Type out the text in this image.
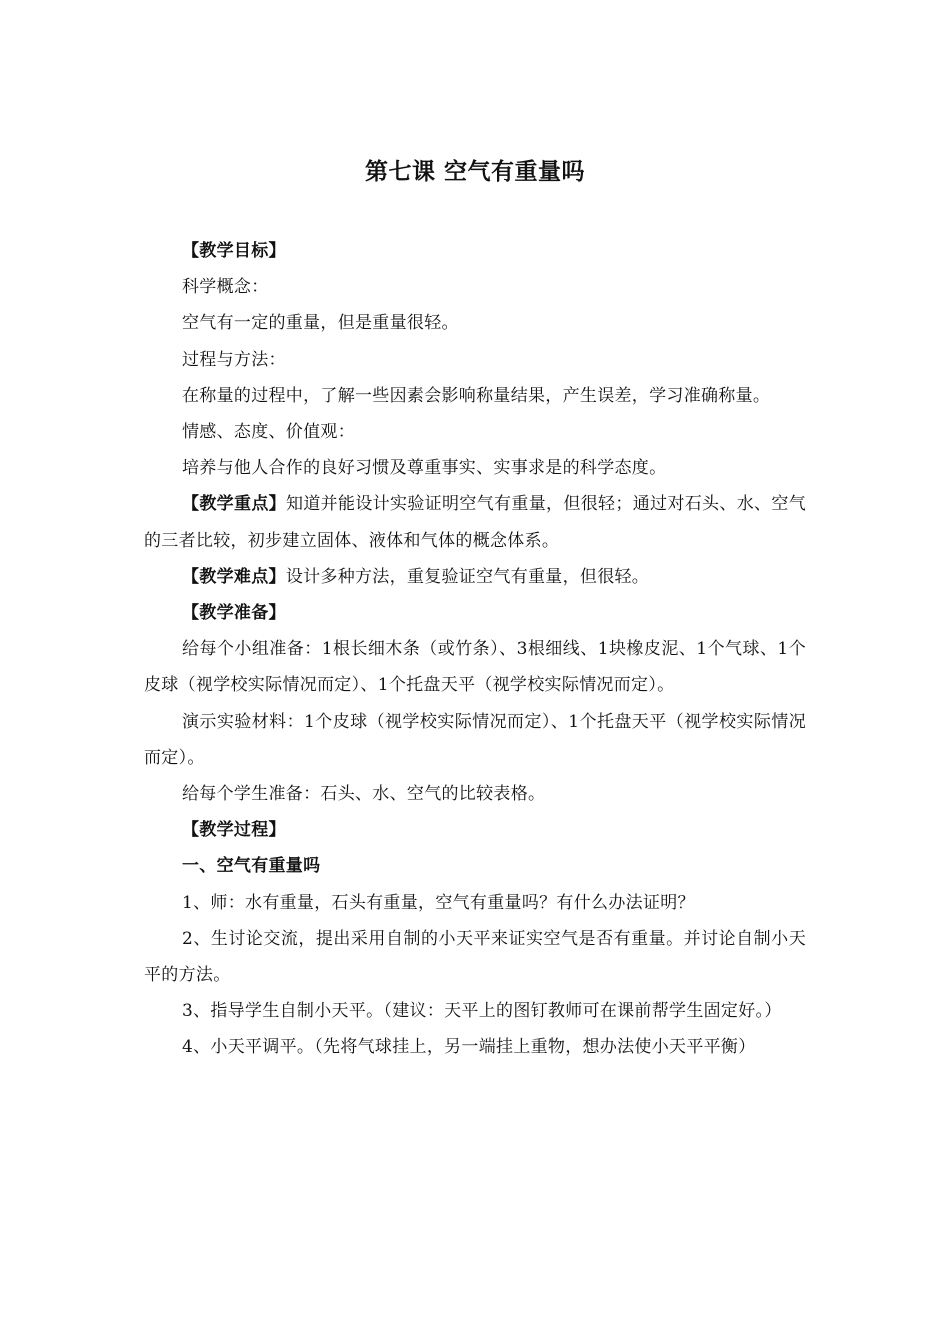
第七课 空气有重量吗

【教学目标】

科学概念：

空气有一定的重量，但是重量很轻。

过程与方法：

在称量的过程中，了解一些因素会影响称量结果，产生误差，学习准确称量。

情感、态度、价值观：

培养与他人合作的良好习惯及尊重事实、实事求是的科学态度。

【教学重点】知道并能设计实验证明空气有重量，但很轻；通过对石头、水、空气的三者比较，初步建立固体、液体和气体的概念体系。

【教学难点】设计多种方法，重复验证空气有重量，但很轻。

【教学准备】

给每个小组准备：1根长细木条（或竹条）、3根细线、1块橡皮泥、1个气球、1个皮球（视学校实际情况而定）、1个托盘天平（视学校实际情况而定）。

演示实验材料：1个皮球（视学校实际情况而定）、1个托盘天平（视学校实际情况而定）。

给每个学生准备：石头、水、空气的比较表格。

【教学过程】

一、空气有重量吗

1、师：水有重量，石头有重量，空气有重量吗？有什么办法证明？

2、生讨论交流，提出采用自制的小天平来证实空气是否有重量。并讨论自制小天平的方法。

3、指导学生自制小天平。（建议：天平上的图钉教师可在课前帮学生固定好。）

4、小天平调平。（先将气球挂上，另一端挂上重物，想办法使小天平平衡）
